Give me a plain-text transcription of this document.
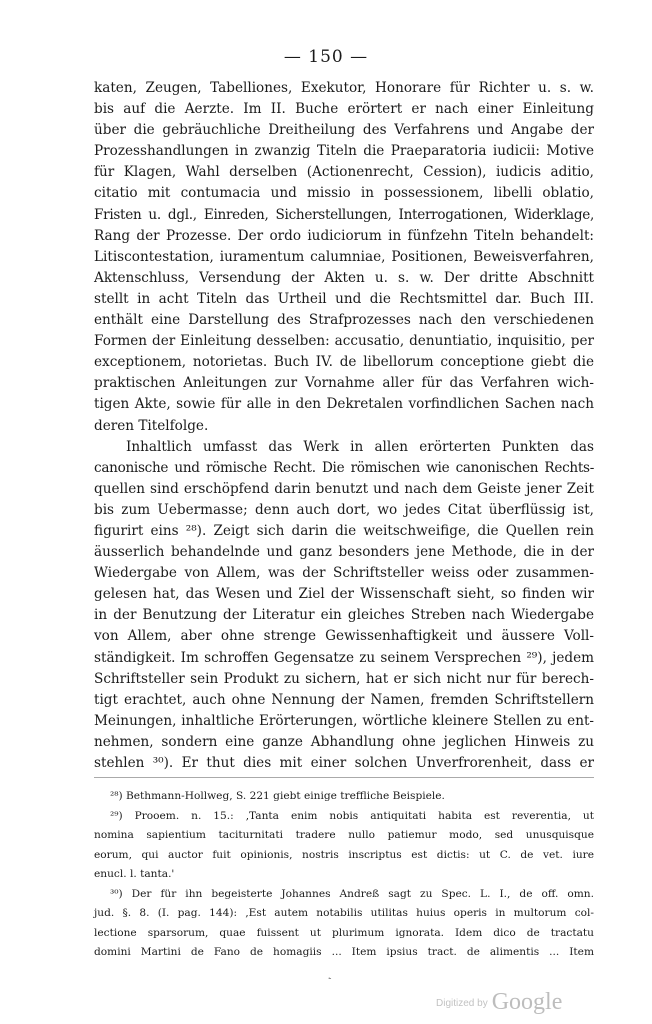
— 150 —
katen, Zeugen, Tabelliones, Exekutor, Honorare für Richter u. s. w.
bis auf die Aerzte. Im II. Buche erörtert er nach einer Einleitung
über die gebräuchliche Dreitheilung des Verfahrens und Angabe der
Prozesshandlungen in zwanzig Titeln die Praeparatoria iudicii: Motive
für Klagen, Wahl derselben (Actionenrecht, Cession), iudicis aditio,
citatio mit contumacia und missio in possessionem, libelli oblatio,
Fristen u. dgl., Einreden, Sicherstellungen, Interrogationen, Widerklage,
Rang der Prozesse. Der ordo iudiciorum in fünfzehn Titeln behandelt:
Litiscontestation, iuramentum calumniae, Positionen, Beweisverfahren,
Aktenschluss, Versendung der Akten u. s. w. Der dritte Abschnitt
stellt in acht Titeln das Urtheil und die Rechtsmittel dar. Buch III.
enthält eine Darstellung des Strafprozesses nach den verschiedenen
Formen der Einleitung desselben: accusatio, denuntiatio, inquisitio, per
exceptionem, notorietas. Buch IV. de libellorum conceptione giebt die
praktischen Anleitungen zur Vornahme aller für das Verfahren wich-
tigen Akte, sowie für alle in den Dekretalen vorfindlichen Sachen nach
deren Titelfolge.
Inhaltlich umfasst das Werk in allen erörterten Punkten das
canonische und römische Recht. Die römischen wie canonischen Rechts-
quellen sind erschöpfend darin benutzt und nach dem Geiste jener Zeit
bis zum Uebermasse; denn auch dort, wo jedes Citat überflüssig ist,
figurirt eins ²⁸). Zeigt sich darin die weitschweifige, die Quellen rein
äusserlich behandelnde und ganz besonders jene Methode, die in der
Wiedergabe von Allem, was der Schriftsteller weiss oder zusammen-
gelesen hat, das Wesen und Ziel der Wissenschaft sieht, so finden wir
in der Benutzung der Literatur ein gleiches Streben nach Wiedergabe
von Allem, aber ohne strenge Gewissenhaftigkeit und äussere Voll-
ständigkeit. Im schroffen Gegensatze zu seinem Versprechen ²⁹), jedem
Schriftsteller sein Produkt zu sichern, hat er sich nicht nur für berech-
tigt erachtet, auch ohne Nennung der Namen, fremden Schriftstellern
Meinungen, inhaltliche Erörterungen, wörtliche kleinere Stellen zu ent-
nehmen, sondern eine ganze Abhandlung ohne jeglichen Hinweis zu
stehlen ³⁰). Er thut dies mit einer solchen Unverfrorenheit, dass er
²⁸) Bethmann-Hollweg, S. 221 giebt einige treffliche Beispiele.
²⁹) Prooem. n. 15.: ‚Tanta enim nobis antiquitati habita est reverentia, ut
nomina sapientium taciturnitati tradere nullo patiemur modo, sed unusquisque
eorum, qui auctor fuit opinionis, nostris inscriptus est dictis: ut C. de vet. iure
enucl. l. tanta.'
³⁰) Der für ihn begeisterte Johannes Andreß sagt zu Spec. L. I., de off. omn.
jud. §. 8. (I. pag. 144): ‚Est autem notabilis utilitas huius operis in multorum col-
lectione sparsorum, quae fuissent ut plurimum ignorata. Idem dico de tractatu
domini Martini de Fano de homagiis ... Item ipsius tract. de alimentis ... Item
ˏ
Digitized by Google
